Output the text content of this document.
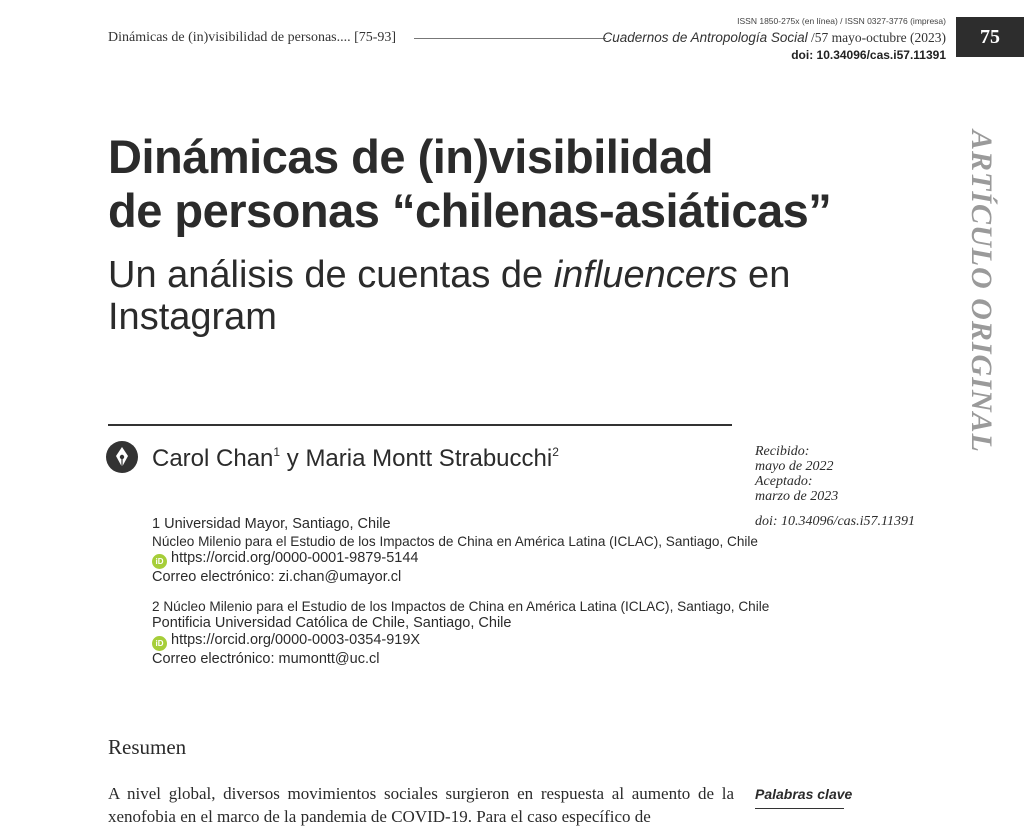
Dinámicas de (in)visibilidad de personas.... [75-93]
ISSN 1850-275x (en línea) / ISSN 0327-3776 (impresa)
Cuadernos de Antropología Social /57 mayo-octubre (2023)
doi: 10.34096/cas.i57.11391
75
ARTÍCULO ORIGINAL
Dinámicas de (in)visibilidad
de personas “chilenas-asiáticas”
Un análisis de cuentas de influencers en Instagram
Carol Chan$^1$ y Maria Montt Strabucchi$^2$
1 Universidad Mayor, Santiago, Chile
Núcleo Milenio para el Estudio de los Impactos de China en América Latina (ICLAC), Santiago, Chile
iD https://orcid.org/0000-0001-9879-5144
Correo electrónico: zi.chan@umayor.cl
2 Núcleo Milenio para el Estudio de los Impactos de China en América Latina (ICLAC), Santiago, Chile
Pontificia Universidad Católica de Chile, Santiago, Chile
iD https://orcid.org/0000-0003-0354-919X
Correo electrónico: mumontt@uc.cl
Recibido:
mayo de 2022
Aceptado:
marzo de 2023
doi: 10.34096/cas.i57.11391
Resumen
A nivel global, diversos movimientos sociales surgieron en respuesta al aumento de la xenofobia en el marco de la pandemia de COVID-19. Para el caso específico de
Palabras clave
